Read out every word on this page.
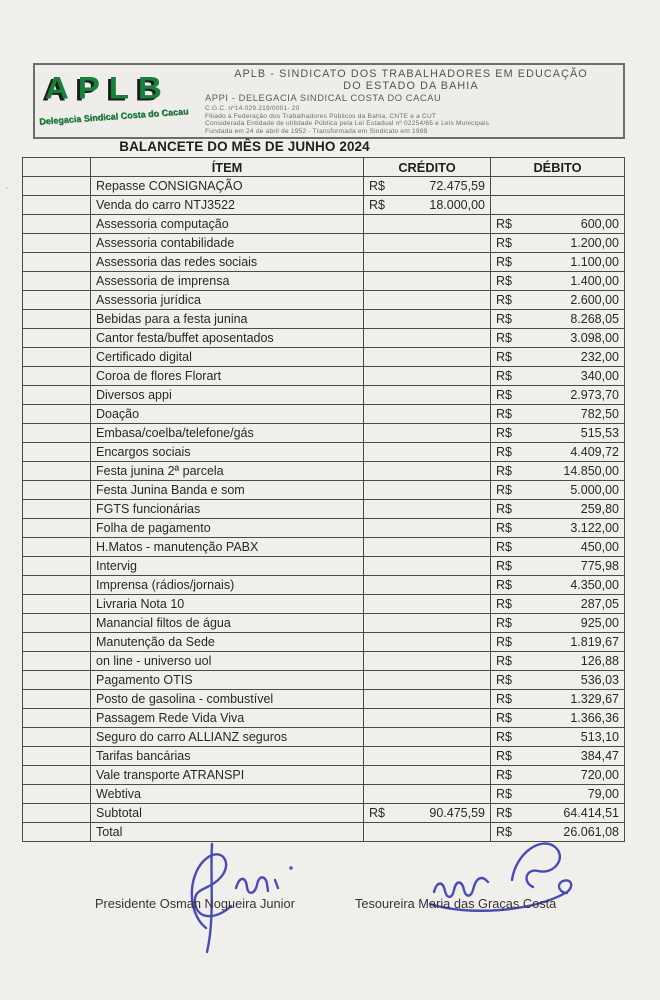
.
APLB
Delegacia Sindical Costa do Cacau
APLB - SINDICATO DOS TRABALHADORES EM EDUCAÇÃO
DO ESTADO DA BAHIA
APPI - DELEGACIA SINDICAL COSTA DO CACAU
C.G.C. nº14.029.219/0001- 20
Filiado à Federação dos Trabalhadores Públicos da Bahia, CNTE e a CUT
Considerada Entidade de utilidade Pública pela Lei Estadual nº 02254/65 e Leis Municipais
Fundada em 24 de abril de 1952 - Transformada em Sindicato em 1989
BALANCETE DO MÊS DE JUNHO 2024
	ÍTEM	CRÉDITO	DÉBITO
	Repasse CONSIGNAÇÃO	R$ 72.475,59	

	Venda do carro NTJ3522	R$ 18.000,00	

	Assessoria computação		R$ 600,00

	Assessoria contabilidade		R$ 1.200,00

	Assessoria das redes sociais		R$ 1.100,00

	Assessoria de imprensa		R$ 1.400,00

	Assessoria jurídica		R$ 2.600,00

	Bebidas para a festa junina		R$ 8.268,05

	Cantor festa/buffet aposentados		R$ 3.098,00

	Certificado digital		R$ 232,00

	Coroa de flores Florart		R$ 340,00

	Diversos appi		R$ 2.973,70

	Doação		R$ 782,50

	Embasa/coelba/telefone/gás		R$ 515,53

	Encargos sociais		R$ 4.409,72

	Festa junina 2ª parcela		R$ 14.850,00

	Festa Junina Banda e som		R$ 5.000,00

	FGTS funcionárias		R$ 259,80

	Folha de pagamento		R$ 3.122,00

	H.Matos - manutenção PABX		R$ 450,00

	Intervig		R$ 775,98

	Imprensa (rádios/jornais)		R$ 4.350,00

	Livraria Nota 10		R$ 287,05

	Manancial filtos de água		R$ 925,00

	Manutenção da Sede		R$ 1.819,67

	on line - universo uol		R$ 126,88

	Pagamento OTIS		R$ 536,03

	Posto de gasolina - combustível		R$ 1.329,67

	Passagem Rede Vida Viva		R$ 1.366,36

	Seguro do carro ALLIANZ seguros		R$ 513,10

	Tarifas bancárias		R$ 384,47

	Vale transporte ATRANSPI		R$ 720,00

	Webtiva		R$ 79,00

	Subtotal	R$ 90.475,59	R$ 64.414,51

	Total		R$ 26.061,08
Presidente Osman Nogueira Junior	Tesoureira Maria das Graças Costa
